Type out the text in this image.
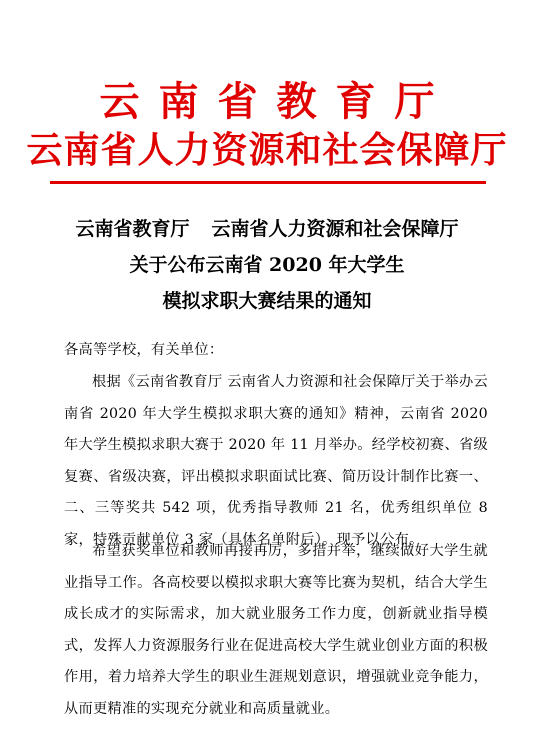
云南省教育厅
云南省人力资源和社会保障厅
云南省教育厅 云南省人力资源和社会保障厅
关于公布云南省 2020 年大学生
模拟求职大赛结果的通知
各高等学校，有关单位：
根据《云南省教育厅 云南省人力资源和社会保障厅关于举办云南省 2020 年大学生模拟求职大赛的通知》精神，云南省 2020 年大学生模拟求职大赛于 2020 年 11 月举办。经学校初赛、省级复赛、省级决赛，评出模拟求职面试比赛、简历设计制作比赛一、二、三等奖共 542 项，优秀指导教师 21 名，优秀组织单位 8 家，特殊贡献单位 3 家（具体名单附后）。现予以公布。
希望获奖单位和教师再接再厉，多措并举，继续做好大学生就业指导工作。各高校要以模拟求职大赛等比赛为契机，结合大学生成长成才的实际需求，加大就业服务工作力度，创新就业指导模式，发挥人力资源服务行业在促进高校大学生就业创业方面的积极作用，着力培养大学生的职业生涯规划意识，增强就业竞争能力，从而更精准的实现充分就业和高质量就业。
